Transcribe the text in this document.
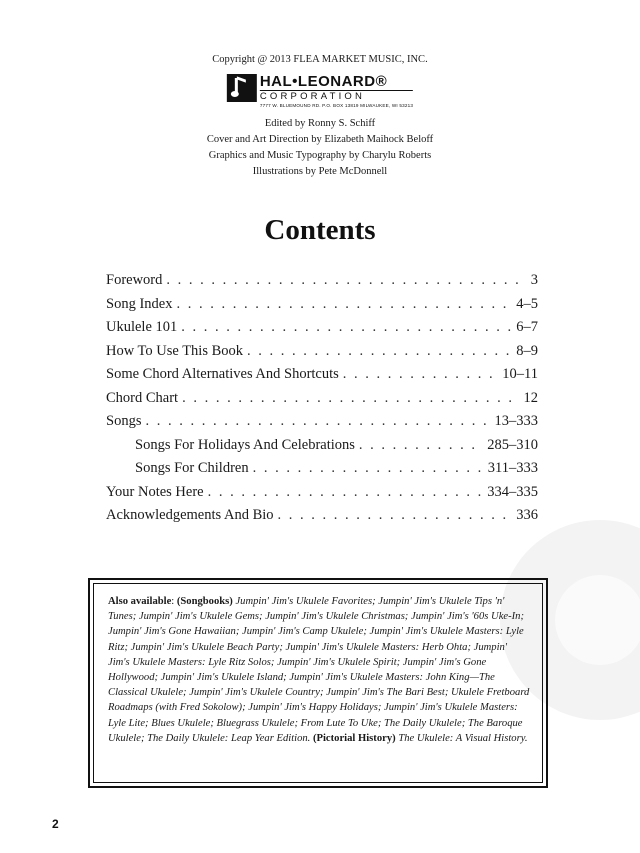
Copyright @ 2013 FLEA MARKET MUSIC, INC.
HAL•LEONARD®
CORPORATION
7777 W. BLUEMOUND RD. P.O. BOX 13819 MILWAUKEE, WI 53213
Edited by Ronny S. Schiff
Cover and Art Direction by Elizabeth Maihock Beloff
Graphics and Music Typography by Charylu Roberts
Illustrations by Pete McDonnell
Contents
Foreword . . .	3
Song Index . . .	4–5
Ukulele 101 . . .	6–7
How To Use This Book . . .	8–9
Some Chord Alternatives And Shortcuts . . .	10–11
Chord Chart . . .	12
Songs . . .	13–333
Songs For Holidays And Celebrations . . .	285–310
Songs For Children . . .	311–333
Your Notes Here . . .	334–335
Acknowledgements And Bio . . .	336
Also available: (Songbooks) Jumpin' Jim's Ukulele Favorites; Jumpin' Jim's Ukulele Tips 'n' Tunes; Jumpin' Jim's Ukulele Gems; Jumpin' Jim's Ukulele Christmas; Jumpin' Jim's '60s Uke-In; Jumpin' Jim's Gone Hawaiian; Jumpin' Jim's Camp Ukulele; Jumpin' Jim's Ukulele Masters: Lyle Ritz; Jumpin' Jim's Ukulele Beach Party; Jumpin' Jim's Ukulele Masters: Herb Ohta; Jumpin' Jim's Ukulele Masters: Lyle Ritz Solos; Jumpin' Jim's Ukulele Spirit; Jumpin' Jim's Gone Hollywood; Jumpin' Jim's Ukulele Island; Jumpin' Jim's Ukulele Masters: John King—The Classical Ukulele; Jumpin' Jim's Ukulele Country; Jumpin' Jim's The Bari Best; Ukulele Fretboard Roadmaps (with Fred Sokolow); Jumpin' Jim's Happy Holidays; Jumpin' Jim's Ukulele Masters: Lyle Lite; Blues Ukulele; Bluegrass Ukulele; From Lute To Uke; The Daily Ukulele; The Baroque Ukulele; The Daily Ukulele: Leap Year Edition. (Pictorial History) The Ukulele: A Visual History.
2
